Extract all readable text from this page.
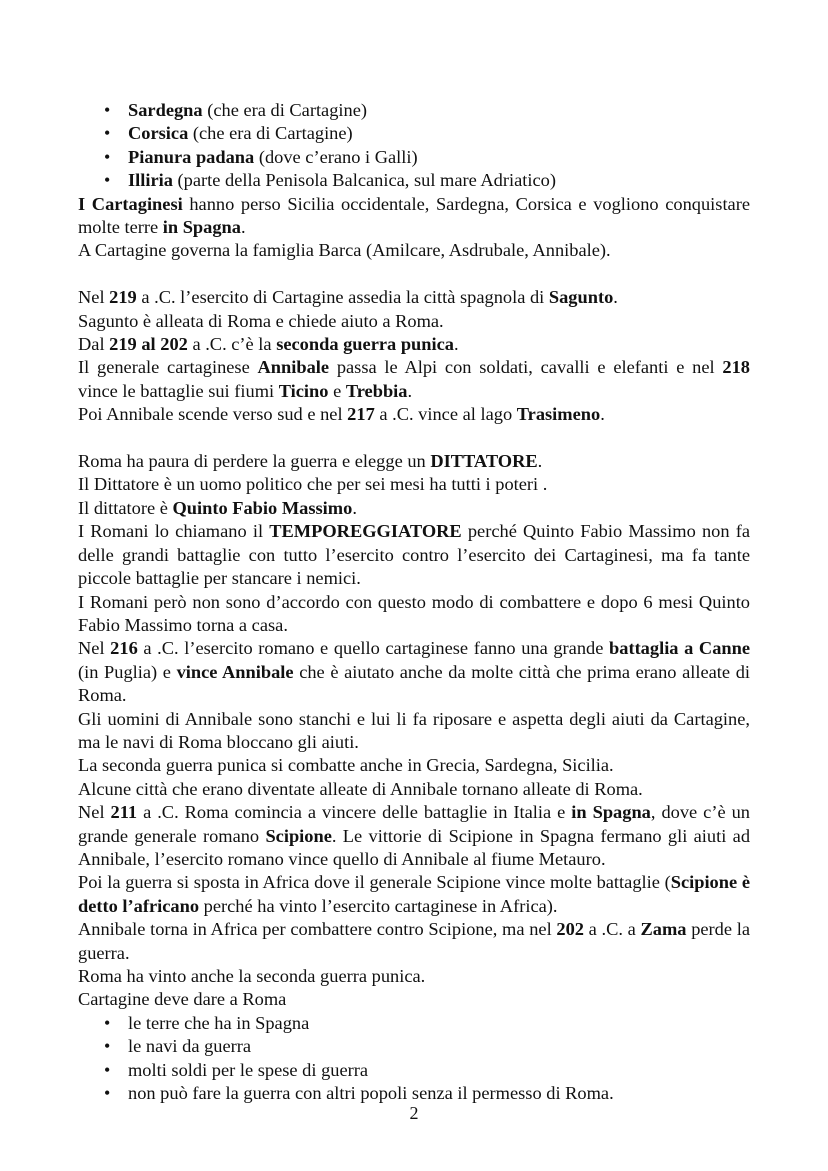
• Sardegna (che era di Cartagine)
• Corsica (che era di Cartagine)
• Pianura padana (dove c’erano i Galli)
• Illiria (parte della Penisola Balcanica, sul mare Adriatico)

I Cartaginesi hanno perso Sicilia occidentale, Sardegna, Corsica e vogliono conquistare molte terre in Spagna.

A Cartagine governa la famiglia Barca (Amilcare, Asdrubale, Annibale).

Nel 219 a .C. l’esercito di Cartagine assedia la città spagnola di Sagunto.

Sagunto è alleata di Roma e chiede aiuto a Roma.

Dal 219 al 202 a .C. c’è la seconda guerra punica.

Il generale cartaginese Annibale passa le Alpi con soldati, cavalli e elefanti e nel 218 vince le battaglie sui fiumi Ticino e Trebbia.

Poi Annibale scende verso sud e nel 217 a .C. vince al lago Trasimeno.

Roma ha paura di perdere la guerra e elegge un DITTATORE.

Il Dittatore è un uomo politico che per sei mesi ha tutti i poteri .

Il dittatore è Quinto Fabio Massimo.

I Romani lo chiamano il TEMPOREGGIATORE perché Quinto Fabio Massimo non fa delle grandi battaglie con tutto l’esercito contro l’esercito dei Cartaginesi, ma fa tante piccole battaglie per stancare i nemici.

I Romani però non sono d’accordo con questo modo di combattere e dopo 6 mesi Quinto Fabio Massimo torna a casa.

Nel 216 a .C. l’esercito romano e quello cartaginese fanno una grande battaglia a Canne (in Puglia) e vince Annibale che è aiutato anche da molte città che prima erano alleate di Roma.

Gli uomini di Annibale sono stanchi e lui li fa riposare e aspetta degli aiuti da Cartagine, ma le navi di Roma bloccano gli aiuti.

La seconda guerra punica si combatte anche in Grecia, Sardegna, Sicilia.

Alcune città che erano diventate alleate di Annibale tornano alleate di Roma.

Nel 211 a .C. Roma comincia a vincere delle battaglie in Italia e in Spagna, dove c’è un grande generale romano Scipione. Le vittorie di Scipione in Spagna fermano gli aiuti ad Annibale, l’esercito romano vince quello di Annibale al fiume Metauro.

Poi la guerra si sposta in Africa dove il generale Scipione vince molte battaglie (Scipione è detto l’africano perché ha vinto l’esercito cartaginese in Africa).

Annibale torna in Africa per combattere contro Scipione, ma nel 202 a .C. a Zama perde la guerra.

Roma ha vinto anche la seconda guerra punica.

Cartagine deve dare a Roma

• le terre che ha in Spagna
• le navi da guerra
• molti soldi per le spese di guerra
• non può fare la guerra con altri popoli senza il permesso di Roma.
2
